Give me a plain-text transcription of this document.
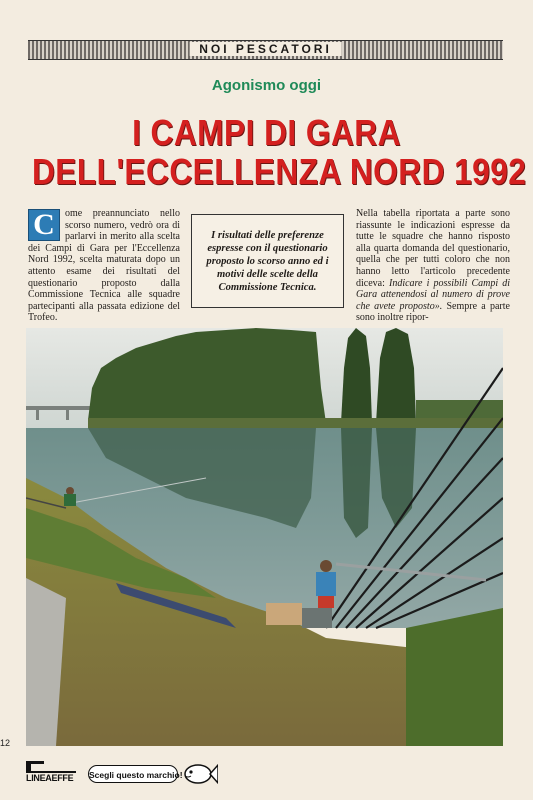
NOI PESCATORI
Agonismo oggi
I CAMPI DI GARA
DELL'ECCELLENZA NORD 1992
C	ome preannunciato nello scorso numero, vedrò ora di parlarvi in merito alla scelta dei Campi di Gara per l'Eccellenza Nord 1992, scelta maturata dopo un attento esame dei risultati del questionario proposto dalla Commissione Tecnica alle squadre partecipanti alla passata edizione del Trofeo.

I risultati delle preferenze espresse con il questionario proposto lo scorso anno ed i motivi delle scelte della Commissione Tecnica.

Nella tabella riportata a parte sono riassunte le indicazioni espresse da tutte le squadre che hanno risposto alla quarta domanda del questionario, quella che per tutti coloro che non hanno letto l'articolo precedente diceva: Indicare i possibili Campi di Gara attenendosi al numero di prove che avete proposto». Sempre a parte sono inoltre ripor-

12
LINEAEFFE	Scegli questo marchio!
